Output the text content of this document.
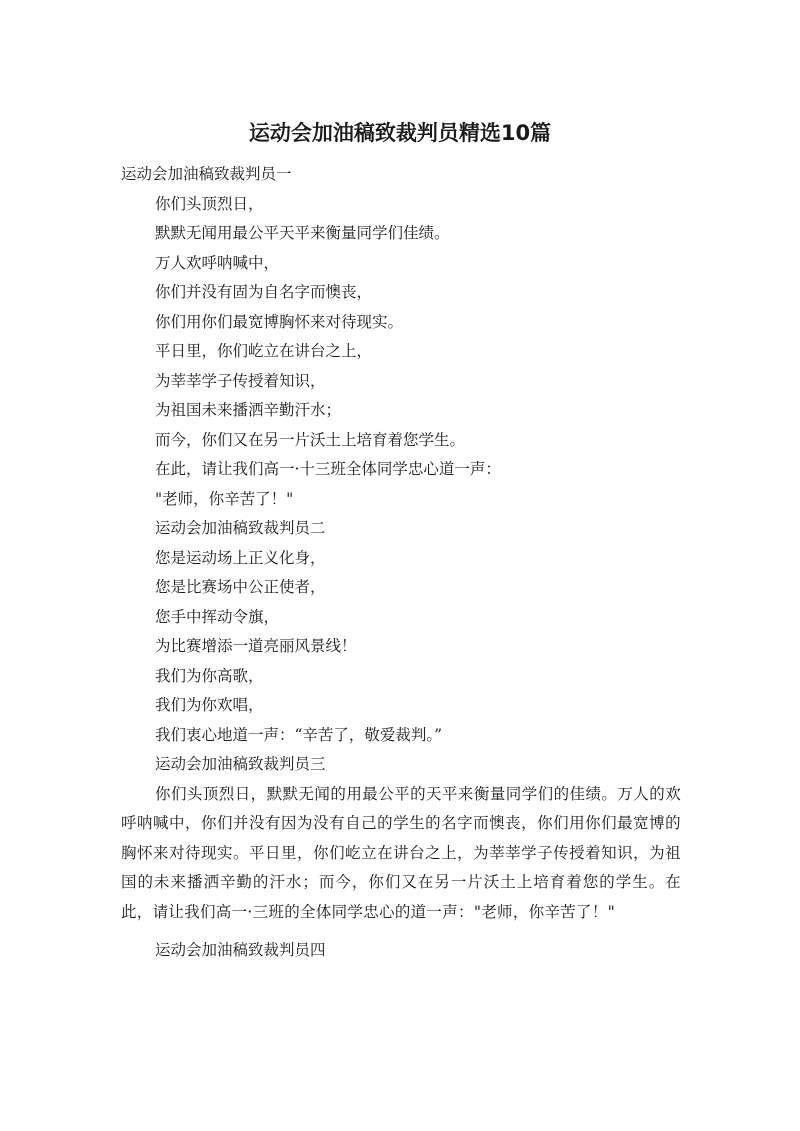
运动会加油稿致裁判员精选10篇

运动会加油稿致裁判员一

你们头顶烈日，

默默无闻用最公平天平来衡量同学们佳绩。

万人欢呼呐喊中，

你们并没有固为自名字而懊丧，

你们用你们最宽博胸怀来对待现实。

平日里，你们屹立在讲台之上，

为莘莘学子传授着知识，

为祖国未来播洒辛勤汗水；

而今，你们又在另一片沃土上培育着您学生。

在此，请让我们高一·十三班全体同学忠心道一声：

"老师，你辛苦了！"

运动会加油稿致裁判员二

您是运动场上正义化身，

您是比赛场中公正使者，

您手中挥动令旗，

为比赛增添一道亮丽风景线！

我们为你高歌，

我们为你欢唱，

我们衷心地道一声：“辛苦了，敬爱裁判。”

运动会加油稿致裁判员三

你们头顶烈日，默默无闻的用最公平的天平来衡量同学们的佳绩。万人的欢呼呐喊中，你们并没有因为没有自己的学生的名字而懊丧，你们用你们最宽博的胸怀来对待现实。平日里，你们屹立在讲台之上，为莘莘学子传授着知识，为祖国的未来播洒辛勤的汗水；而今，你们又在另一片沃土上培育着您的学生。在此，请让我们高一·三班的全体同学忠心的道一声："老师，你辛苦了！"

运动会加油稿致裁判员四
